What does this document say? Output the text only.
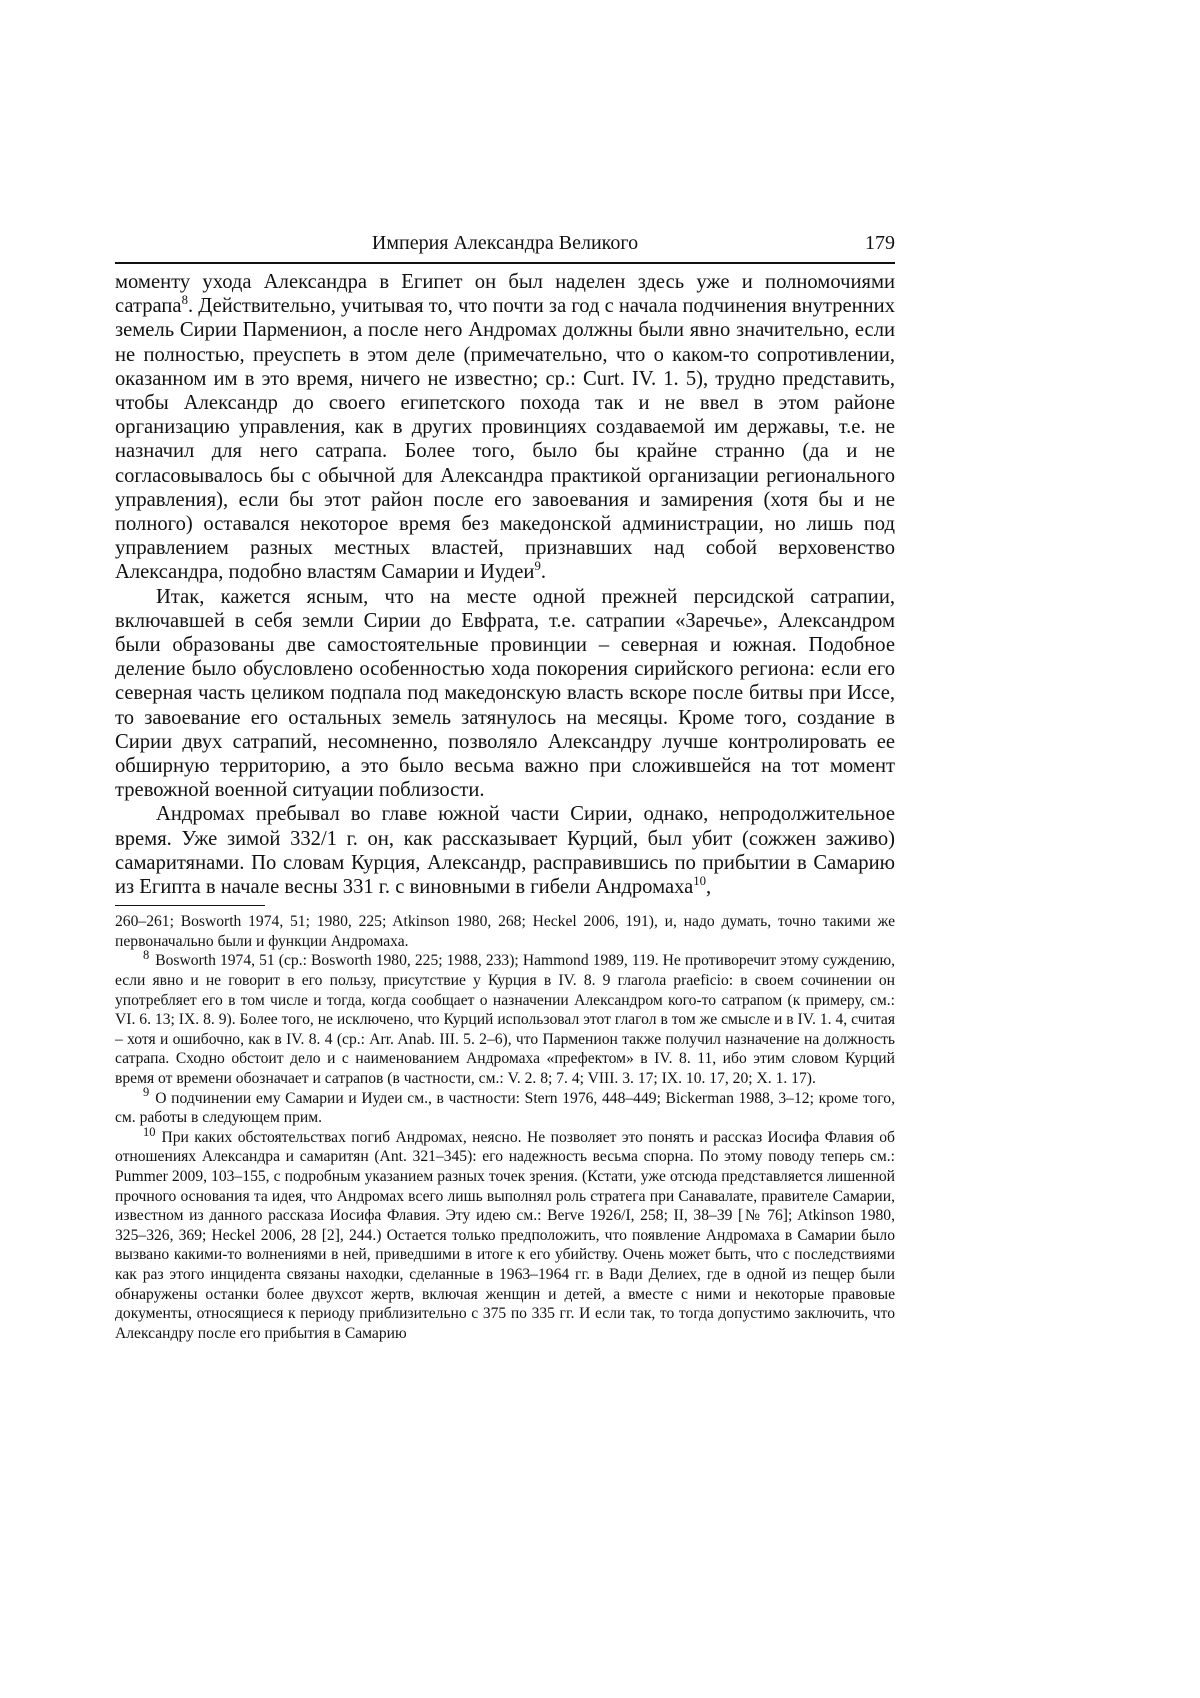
Империя Александра Великого	179

моменту ухода Александра в Египет он был наделен здесь уже и полномочиями сатрапа$^8$. Действительно, учитывая то, что почти за год с начала подчинения внутренних земель Сирии Парменион, а после него Андромах должны были явно значительно, если не полностью, преуспеть в этом деле (примечательно, что о каком-то сопротивлении, оказанном им в это время, ничего не известно; ср.: Curt. IV. 1. 5), трудно представить, чтобы Александр до своего египетского похода так и не ввел в этом районе организацию управления, как в других провинциях создаваемой им державы, т.е. не назначил для него сатрапа. Более того, было бы крайне странно (да и не согласовывалось бы с обычной для Александра практикой организации регионального управления), если бы этот район после его завоевания и замирения (хотя бы и не полного) оставался некоторое время без македонской администрации, но лишь под управлением разных местных властей, признавших над собой верховенство Александра, подобно властям Самарии и Иудеи$^9$.

Итак, кажется ясным, что на месте одной прежней персидской сатрапии, включавшей в себя земли Сирии до Евфрата, т.е. сатрапии «Заречье», Александром были образованы две самостоятельные провинции – северная и южная. Подобное деление было обусловлено особенностью хода покорения сирийского региона: если его северная часть целиком подпала под македонскую власть вскоре после битвы при Иссе, то завоевание его остальных земель затянулось на месяцы. Кроме того, создание в Сирии двух сатрапий, несомненно, позволяло Александру лучше контролировать ее обширную территорию, а это было весьма важно при сложившейся на тот момент тревожной военной ситуации поблизости.

Андромах пребывал во главе южной части Сирии, однако, непродолжительное время. Уже зимой 332/1 г. он, как рассказывает Курций, был убит (сожжен заживо) самаритянами. По словам Курция, Александр, расправившись по прибытии в Самарию из Египта в начале весны 331 г. с виновными в гибели Андромаха$^{10}$,

260–261; Bosworth 1974, 51; 1980, 225; Atkinson 1980, 268; Heckel 2006, 191), и, надо думать, точно такими же первоначально были и функции Андромаха.

$^8$ Bosworth 1974, 51 (ср.: Bosworth 1980, 225; 1988, 233); Hammond 1989, 119. Не противоречит этому суждению, если явно и не говорит в его пользу, присутствие у Курция в IV. 8. 9 глагола praeficio: в своем сочинении он употребляет его в том числе и тогда, когда сообщает о назначении Александром кого-то сатрапом (к примеру, см.: VI. 6. 13; IX. 8. 9). Более того, не исключено, что Курций использовал этот глагол в том же смысле и в IV. 1. 4, считая – хотя и ошибочно, как в IV. 8. 4 (ср.: Arr. Anab. III. 5. 2–6), что Парменион также получил назначение на должность сатрапа. Сходно обстоит дело и с наименованием Андромаха «префектом» в IV. 8. 11, ибо этим словом Курций время от времени обозначает и сатрапов (в частности, см.: V. 2. 8; 7. 4; VIII. 3. 17; IX. 10. 17, 20; X. 1. 17).

$^9$ О подчинении ему Самарии и Иудеи см., в частности: Stern 1976, 448–449; Bickerman 1988, 3–12; кроме того, см. работы в следующем прим.

$^{10}$ При каких обстоятельствах погиб Андромах, неясно. Не позволяет это понять и рассказ Иосифа Флавия об отношениях Александра и самаритян (Ant. 321–345): его надежность весьма спорна. По этому поводу теперь см.: Pummer 2009, 103–155, с подробным указанием разных точек зрения. (Кстати, уже отсюда представляется лишенной прочного основания та идея, что Андромах всего лишь выполнял роль стратега при Санавалате, правителе Самарии, известном из данного рассказа Иосифа Флавия. Эту идею см.: Berve 1926/I, 258; II, 38–39 [№ 76]; Atkinson 1980, 325–326, 369; Heckel 2006, 28 [2], 244.) Остается только предположить, что появление Андромаха в Самарии было вызвано какими-то волнениями в ней, приведшими в итоге к его убийству. Очень может быть, что с последствиями как раз этого инцидента связаны находки, сделанные в 1963–1964 гг. в Вади Делиех, где в одной из пещер были обнаружены останки более двухсот жертв, включая женщин и детей, а вместе с ними и некоторые правовые документы, относящиеся к периоду приблизительно с 375 по 335 гг. И если так, то тогда допустимо заключить, что Александру после его прибытия в Самарию
